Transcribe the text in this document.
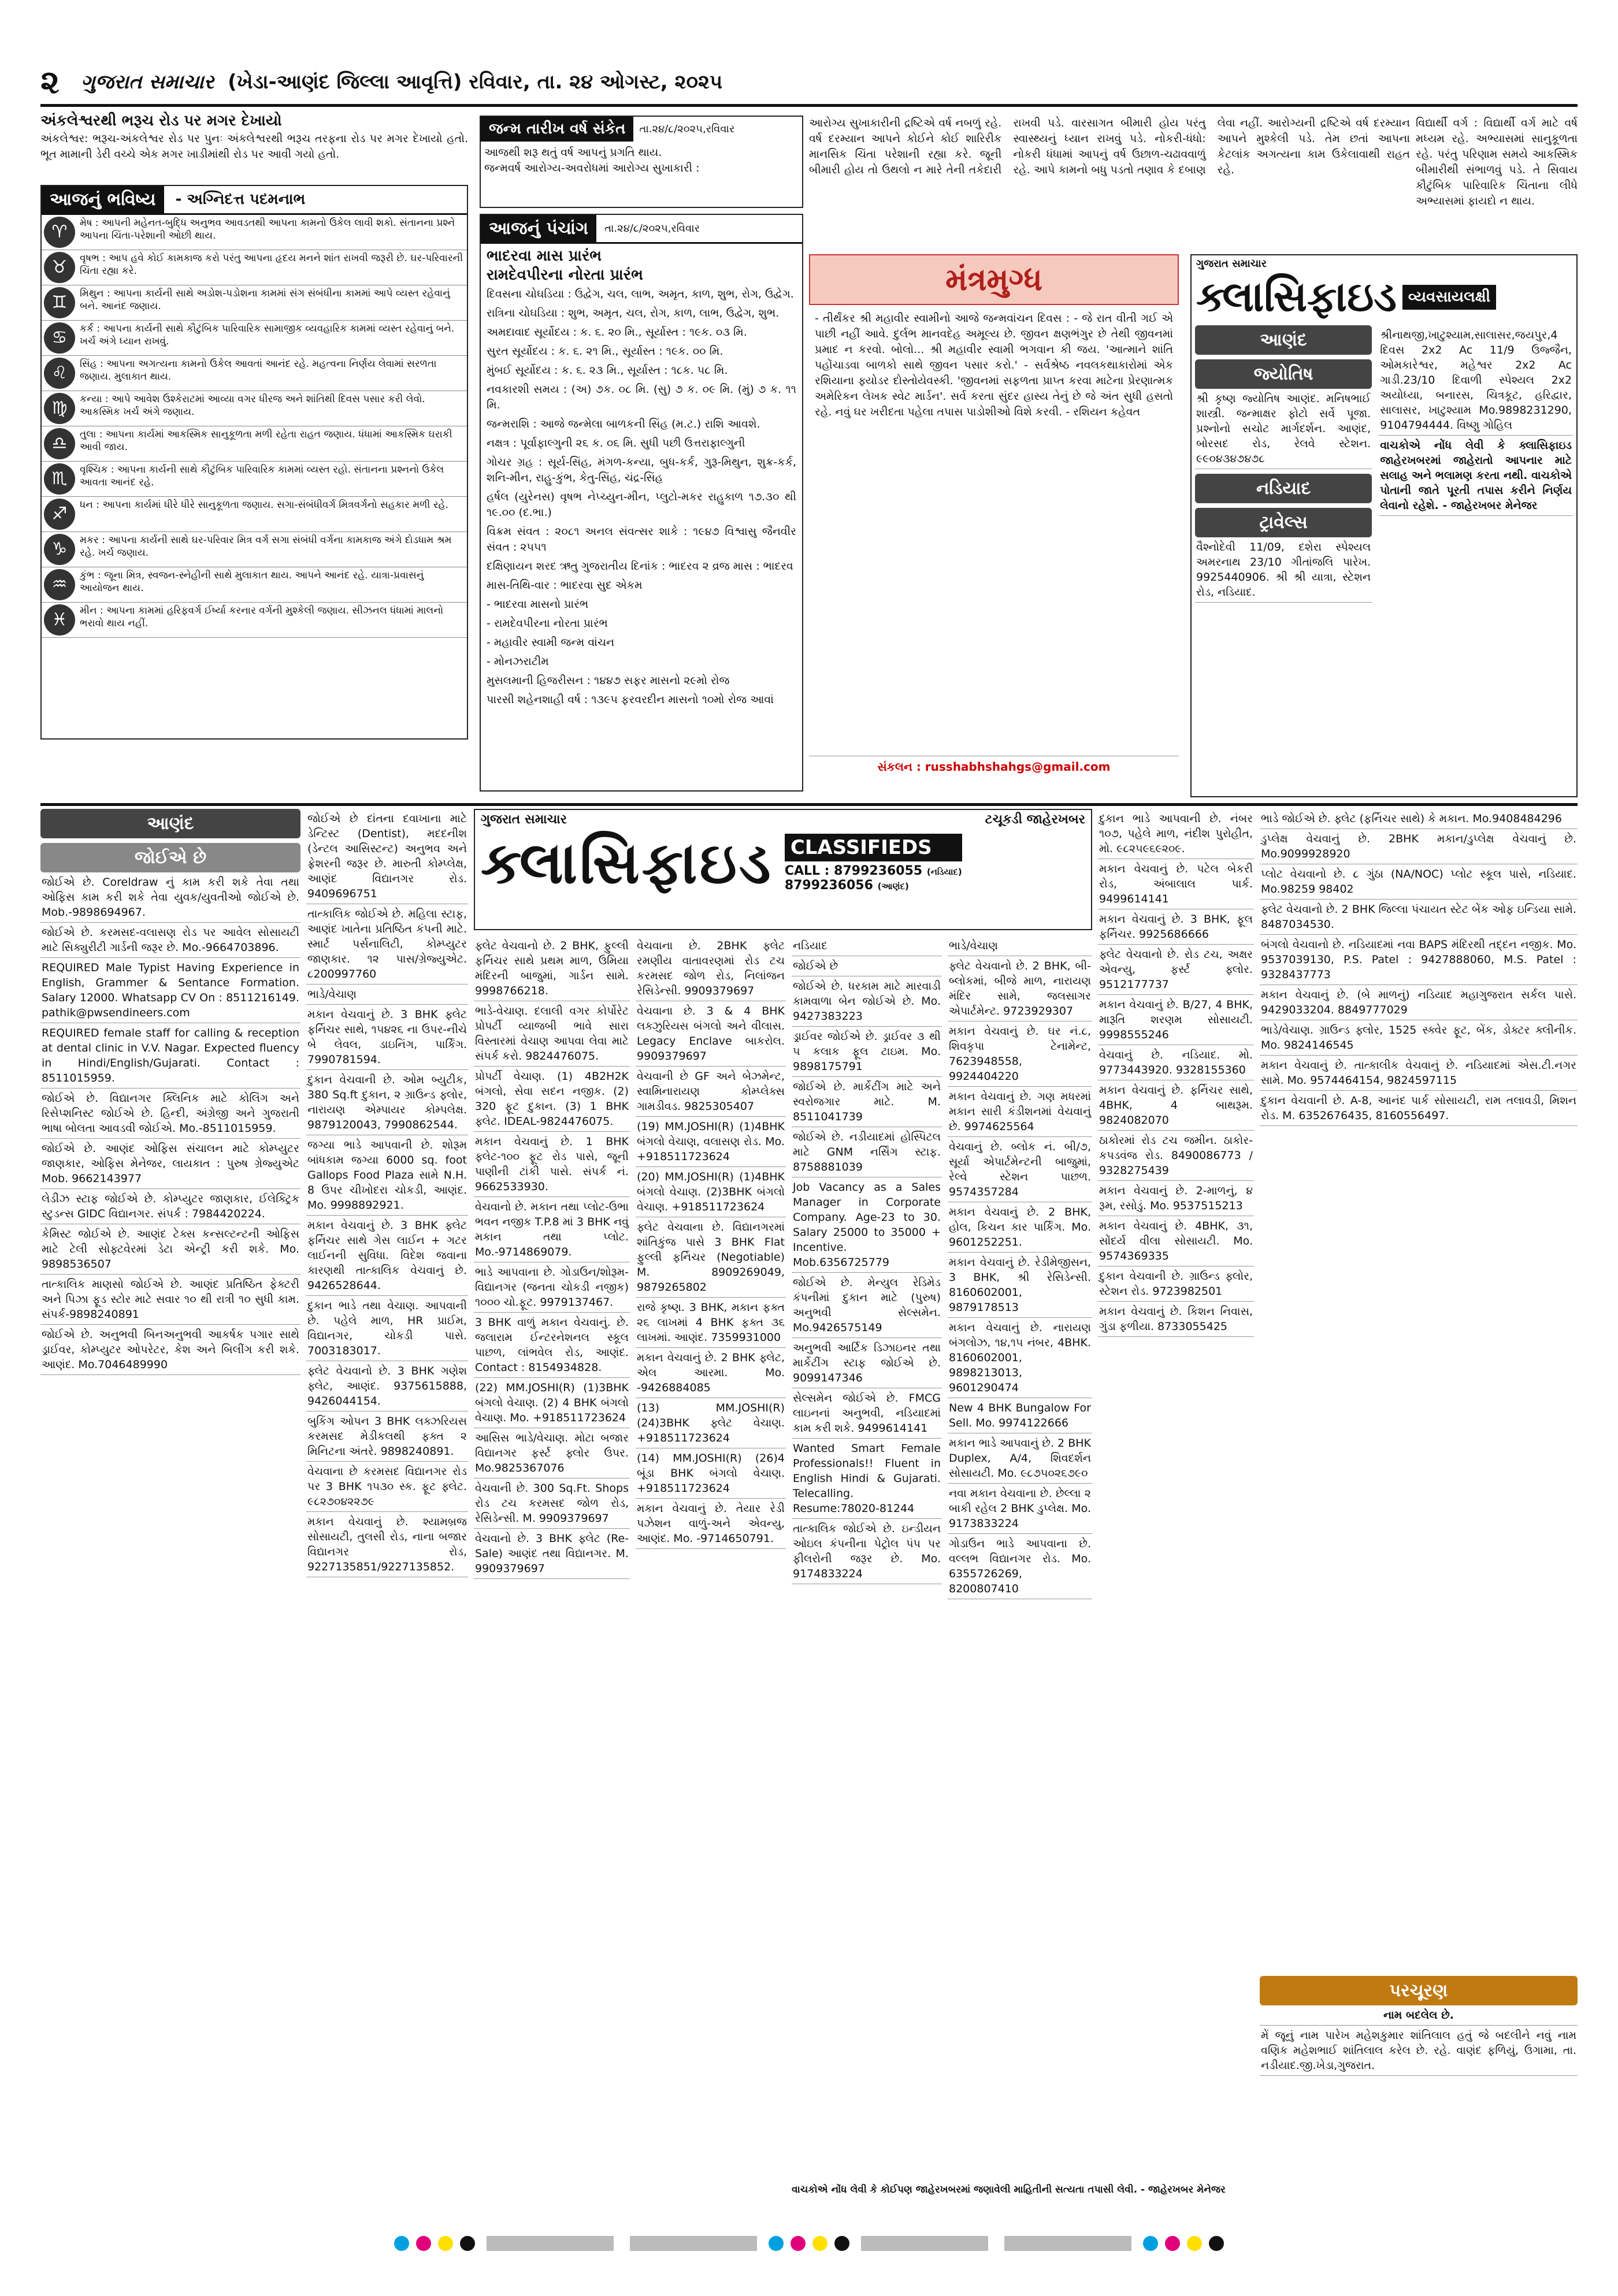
૨ ગુજરાત સમાચાર (ખેડા-આણંદ જિલ્લા આવૃત્તિ) રવિવાર, તા. ૨૪ ઓગસ્ટ, ૨૦૨૫
અંકલેશ્વરથી ભરૂચ રોડ પર મગર દેખાયો
અંકલેશ્વર: ભરૂચ-અંકલેશ્વર રોડ પર પુનઃ અંકલેશ્વરથી ભરૂચ તરફના રોડ પર મગર દેખાયો હતો. ભૂત મામાની ડેરી વચ્ચે એક મગર ખાડીમાંથી રોડ પર આવી ગયો હતો.
આજનું ભવિષ્ય	- અગ્નિદત્ત પદમનાભ
♈	મેષ : આપની મહેનત-બુદ્ધિ અનુભવ આવડતથી આપના કામનો ઉકેલ લાવી શકો. સંતાનના પ્રશ્ને આપના ચિંતા-પરેશાની ઓછી થાય.
♉	વૃષભ : આપ હવે કોઈ કામકાજ કરો પરંતુ આપના હૃદય મનને શાંત રાખવી જરૂરી છે. ઘર-પરિવારની ચિંતા રહ્યા કરે.
♊	મિથુન : આપના કાર્યની સાથે અડોશ-પડોશના કામમાં સંગ સંબંધીના કામમાં આપે વ્યસ્ત રહેવાનું બને. આનંદ જણાય.
♋	કર્ક : આપના કાર્યની સાથે કૌટુંબિક પારિવારિક સામાજીક વ્યવહારિક કામમાં વ્યસ્ત રહેવાનું બને. ખર્ચ અંગે ધ્યાન રાખવું.
♌	સિંહ : આપના અગત્યના કામનો ઉકેલ આવતાં આનંદ રહે. મહત્વના નિર્ણય લેવામાં સરળતા જણાય. મુલાકાત થાય.
♍	કન્યા : આપે આવેશ ઉશ્કેરાટમાં આવ્યા વગર ધીરજ અને શાંતિથી દિવસ પસાર કરી લેવો. આકસ્મિક ખર્ચ અંગે જણાય.
♎	તુલા : આપના કાર્યમાં આકસ્મિક સાનુકૂળતા મળી રહેતા રાહત જણાય. ધંધામાં આકસ્મિક ઘરાકી આવી જાય.
♏	વૃશ્ચિક : આપના કાર્યની સાથે કૌટુંબિક પારિવારિક કામમાં વ્યસ્ત રહો. સંતાનના પ્રશ્નનો ઉકેલ આવતા આનંદ રહે.
♐	ધન : આપના કાર્યમાં ધીરે ધીરે સાનુકૂળતા જણાય. સગા-સંબંધીવર્ગ મિત્રવર્ગનો સહકાર મળી રહે.
♑	મકર : આપના કાર્યની સાથે ઘર-પરિવાર મિત્ર વર્ગ સગા સંબંધી વર્ગના કામકાજ અંગે દોડધામ શ્રમ રહે. ખર્ચ જણાય.
♒	કુંભ : જૂના મિત્ર, સ્વજન-સ્નેહીની સાથે મુલાકાત થાય. આપને આનંદ રહે. યાત્રા-પ્રવાસનું આયોજન થાય.
♓	મીન : આપના કામમાં હરિફવર્ગ ઈર્ષ્યા કરનાર વર્ગની મુશ્કેલી જણાય. સીઝનલ ધંધામાં માલનો ભરાવો થાય નહીં.
જન્મ તારીખ વર્ષ સંકેત	તા.૨૪/૮/૨૦૨૫,રવિવાર
આજથી શરૂ થતું વર્ષ આપનું પ્રગતિ થાય.
જન્મવર્ષ આરોગ્ય-અવરોધમાં આરોગ્ય સુખાકારી :
આજનું પંચાંગ	તા.૨૪/૮/૨૦૨૫,રવિવાર

ભાદરવા માસ પ્રારંભ

રામદેવપીરના નોરતા પ્રારંભ

દિવસના ચોઘડિયા : ઉદ્વેગ, ચલ, લાભ, અમૃત, કાળ, શુભ, રોગ, ઉદ્વેગ.

રાત્રિના ચોઘડિયા : શુભ, અમૃત, ચલ, રોગ, કાળ, લાભ, ઉદ્વેગ, શુભ.

અમદાવાદ સૂર્યોદય : ક. ૬. ૨૦ મિ., સૂર્યાસ્ત : ૧૯ક. ૦૩ મિ.

સુરત સૂર્યોદય : ક. ૬. ૨૧ મિ., સૂર્યાસ્ત : ૧૯ક. ૦૦ મિ.

મુંબઈ સૂર્યોદય : ક. ૬. ૨૩ મિ., સૂર્યાસ્ત : ૧૮ક. ૫૮ મિ.

નવકારશી સમય : (અ) ૭ક. ૦૮ મિ. (સુ) ૭ ક. ૦૯ મિ. (મું) ૭ ક. ૧૧ મિ.

જન્મરાશિ : આજે જન્મેલા બાળકની સિંહ (મ.ટ.) રાશિ આવશે.

નક્ષત્ર : પૂર્વાફાલ્ગુની ૨૬ ક. ૦૬ મિ. સુધી પછી ઉત્તરાફાલ્ગુની

ગોચર ગ્રહ : સૂર્ય-સિંહ, મંગળ-કન્યા, બુધ-કર્ક, ગુરૂ-મિથુન, શુક્ર-કર્ક, શનિ-મીન, રાહુ-કુંભ, કેતુ-સિંહ, ચંદ્ર-સિંહ

હર્ષલ (યુરેનસ) વૃષભ નેપ્ચ્યુન-મીન, પ્લુટો-મકર રાહુકાળ ૧૭.૩૦ થી ૧૯.૦૦ (દ.ભા.)

વિક્રમ સંવત : ૨૦૮૧ અનલ સંવત્સર શાકે : ૧૯૪૭ વિશ્વાસુ જૈનવીર સંવત : ૨૫૫૧

દક્ષિણાયન શરદ ઋતુ ગુજરાતીય દિનાંક : ભાદરવ ૨ વ્રજ માસ : ભાદરવ

માસ-તિથિ-વાર : ભાદરવા સુદ એકમ

- ભાદરવા માસનો પ્રારંભ

- રામદેવપીરના નોરતા પ્રારંભ

- મહાવીર સ્વામી જન્મ વાંચન

- મોનઝરાટીમ

મુસલમાની હિજરીસન : ૧૪૪૭ સફર માસનો ૨૯મો રોજ

પારસી શહેનશાહી વર્ષ : ૧૩૯૫ ફરવરદીન માસનો ૧૦મો રોજ આવાં

આરોગ્ય સુખાકારીની દ્રષ્ટિએ વર્ષ નબળું રહે. વર્ષ દરમ્યાન આપને કોઈને કોઈ શારિરીક માનસિક ચિંતા પરેશાની રહ્યા કરે. જૂની બીમારી હોય તો ઉથલો ન મારે તેની તકેદારી રાખવી પડે. વારસાગત બીમારી હોય પરંતુ સ્વાસ્થ્યનું ધ્યાન રાખવું પડે. નોકરી-ધંધો: નોકરી ધંધામાં આપનું વર્ષ ઉછાળ-ચઢાવવાળું રહે. આપે કામનો બધુ પડતો તણાવ કે દબાણ લેવા નહીં. આરોગ્યની દ્રષ્ટિએ વર્ષ દરમ્યાન આપને મુશ્કેલી પડે. તેમ છતાં આપના કેટલાંક અગત્યના કામ ઉકેલાવાથી રાહત રહે.
વિદ્યાર્થી વર્ગ : વિદ્યાર્થી વર્ગ માટે વર્ષ મધ્યમ રહે. અભ્યાસમાં સાનુકૂળતા રહે. પરંતુ પરિણામ સમયે આકસ્મિક બીમારીથી સંભાળવું પડે. તે સિવાય કૌટુંબિક પારિવારિક ચિંતાના લીધે અભ્યાસમાં ફાયદો ન થાય.
મંત્રમુગ્ધ
- તીર્થંકર શ્રી મહાવીર સ્વામીનો આજે જન્મવાંચન દિવસ : - જે રાત વીતી ગઈ એ પાછી નહીં આવે. દુર્લભ માનવદેહ અમૂલ્ય છે. જીવન ક્ષણભંગુર છે તેથી જીવનમાં પ્રમાદ ન કરવો. બોલો... શ્રી મહાવીર સ્વામી ભગવાન કી જય. 'આત્માને શાંતિ પહોંચાડવા બાળકો સાથે જીવન પસાર કરો.' - સર્વશ્રેષ્ઠ નવલકથાકારોમાં એક રશિયાના ફ્યોડર દોસ્તોયેવસ્કી. 'જીવનમાં સફળતા પ્રાપ્ત કરવા માટેના પ્રેરણાત્મક અમેરિકન લેખક સ્વેટ માર્ડન'. સર્વ કરતા સુંદર હાસ્ય તેનું છે જે અંત સુધી હસતો રહે. નવું ઘર ખરીદતા પહેલા તપાસ પાડોશીઓ વિશે કરવી. - રશિયન કહેવત
સંકલન : russhabhshahgs@gmail.com
ગુજરાત સમાચાર
ક્લાસિફાઇડ વ્યવસાયલક્ષી
આણંદ
જ્યોતિષ
શ્રી કૃષ્ણ જ્યોતિષ આણંદ. મનિષભાઈ શાસ્ત્રી. જન્માક્ષર ફોટો સર્વે પૂજા. પ્રશ્નોનો સચોટ માર્ગદર્શન. આણંદ, બોરસદ રોડ, રેલવે સ્ટેશન. ૯૯૦૪૩૪૭૪૭૮
નડિયાદ
ટ્રાવેલ્સ
વૈશ્નોદેવી 11/09, દશેરા સ્પેશ્યલ અમરનાથ 23/10 ગીતાંજલિ પારેખ. 9925440906. શ્રી શ્રી યાત્રા, સ્ટેશન રોડ, નડિયાદ.
શ્રીનાથજી,ખાટુશ્યામ,સાલાસર,જયપુર,4 દિવસ 2x2 Ac 11/9 ઉજ્જૈન, ઓમકારેશ્વર, મહેશ્વર 2x2 Ac ગાડી.23/10 દિવાળી સ્પેશ્યલ 2x2 અયોધ્યા, બનારસ, ચિત્રકૂટ, હરિદ્વાર, સાલાસર, ખાટુશ્યામ Mo.9898231290, 9104794444. વિષ્ણુ ગોહિલ
વાચકોએ નોંધ લેવી કે ક્લાસિફાઇડ જાહેરખબરમાં જાહેરાતો આપનાર માટે સલાહ અને ભલામણ કરતા નથી. વાચકોએ પોતાની જાતે પૂરતી તપાસ કરીને નિર્ણય લેવાનો રહેશે. - જાહેરખબર મેનેજર
આણંદ
જોઈએ છે
જોઈએ છે. Coreldraw નું કામ કરી શકે તેવા તથા ઓફિસ કામ કરી શકે તેવા યુવક/યુવતીઓ જોઈએ છે. Mob.-9898694967.
જોઈએ છે. કરમસદ-વલાસણ રોડ પર આવેલ સોસાયટી માટે સિક્યુરીટી ગાર્ડની જરૂર છે. Mo.-9664703896.
REQUIRED Male Typist Having Experience in English, Grammer & Sentance Formation. Salary 12000. Whatsapp CV On : 8511216149. pathik@pwsendineers.com
REQUIRED female staff for calling & reception at dental clinic in V.V. Nagar. Expected fluency in Hindi/English/Gujarati. Contact : 8511015959.
જોઈએ છે. વિદ્યાનગર ક્લિનિક માટે કોલિંગ અને રિસેપ્શનિસ્ટ જોઈએ છે. હિન્દી, અંગ્રેજી અને ગુજરાતી ભાષા બોલતા આવડવી જોઈએ. Mo.-8511015959.
જોઈએ છે. આણંદ ઓફિસ સંચાલન માટે કોમ્પ્યુટર જાણકાર, ઓફિસ મેનેજર, લાયકાત : પુરુષ ગ્રેજ્યુએટ Mob. 9662143977
લેડીઝ સ્ટાફ જોઈએ છે. કોમ્પ્યુટર જાણકાર, ઈલેક્ટ્રિક સ્ટુડન્સ GIDC વિદ્યાનગર. સંપર્ક : 7984420224.
કેમિસ્ટ જોઈએ છે. આણંદ ટેક્સ કન્સલ્ટન્ટની ઓફિસ માટે ટેલી સોફ્ટવેરમાં ડેટા એન્ટ્રી કરી શકે. Mo. 9898536507
તાત્કાલિક માણસો જોઈએ છે. આણંદ પ્રતિષ્ઠિત ફેક્ટરી અને પિઝા ફૂડ સ્ટોર માટે સવાર ૧૦ થી રાત્રી ૧૦ સુધી કામ. સંપર્ક-9898240891
જોઈએ છે. અનુભવી બિનઅનુભવી આકર્ષક પગાર સાથે ડ્રાઈવર, કોમ્પ્યુટર ઓપરેટર, કેશ અને બિલીંગ કરી શકે. આણંદ. Mo.7046489990
ગુજરાત સમાચાર	ટચૂકડી જાહેરખબર
ક્લાસિફાઇડ CLASSIFIEDS
CALL : 8799236055 (નડિયાદ)
8799236056 (આણંદ)
જોઈએ છે દાંતના દવાખાના માટે ડેન્ટિસ્ટ (Dentist), મદદનીશ (ડેન્ટલ આસિસ્ટન્ટ) અનુભવ અને ફ્રેશરની જરૂર છે. મારુતી કોમ્પ્લેક્ષ, આણંદ વિદ્યાનગર રોડ. 9409696751
તાત્કાલિક જોઈએ છે. મહિલા સ્ટાફ, આણંદ ખાતેના પ્રતિષ્ઠિત કંપની માટે. સ્માર્ટ પર્સનાલિટી, કોમ્પ્યુટર જાણકાર. ૧૨ પાસ/ગ્રેજ્યુએટ. ૮200997760
ભાડે/વેચાણ
મકાન વેચવાનું છે. 3 BHK ફ્લેટ ફર્નિચર સાથે, ૧૫૪૨૬ ના ઉપર-નીચે બે લેવલ, ડાઇનિંગ, પાર્કિંગ. 7990781594.
દુકાન વેચવાની છે. ઓમ બ્યુટીક, 380 Sq.ft દુકાન, ૨ ગ્રાઉન્ડ ફ્લોર, નારાયણ એમ્પાયર કોમ્પલેક્ષ. 9879120043, 7990862544.
જગ્યા ભાડે આપવાની છે. શોરૂમ બાંધકામ જગ્યા 6000 sq. foot Gallops Food Plaza સામે N.H. 8 ઉપર ચીખોદરા ચોકડી, આણંદ. Mo. 9998892921.
મકાન વેચવાનું છે. 3 BHK ફ્લેટ ફર્નિચર સાથે ગેસ લાઈન + ગટર લાઈનની સુવિધા. વિદેશ જવાના કારણથી તાત્કાલિક વેચવાનું છે. 9426528644.
દુકાન ભાડે તથા વેચાણ. આપવાની છે. પહેલે માળ, HR પ્રાઈમ, વિદ્યાનગર, ચોકડી પાસે. 7003183017.
ફ્લેટ વેચવાનો છે. 3 BHK ગણેશ ફ્લેટ, આણંદ. 9375615888, 9426044154.
બુકિંગ ઓપન 3 BHK લક્ઝરિયસ કરમસદ મેડીકલથી ફક્ત ૨ મિનિટના અંતરે. 9898240891.
વેચવાના છે કરમસદ વિદ્યાનગર રોડ પર 3 BHK ૧૫૩૦ સ્ક. ફૂટ ફ્લેટ. ૯૮૨૭૦૪૨૨૭૯
મકાન વેચવાનું છે. શ્યામબ્રજ સોસાયટી, તુલસી રોડ, નાના બજાર વિદ્યાનગર રોડ, 9227135851/9227135852.
ફ્લેટ વેચવાનો છે. 2 BHK, ફુલ્લી ફર્નિચર સાથે પ્રથમ માળ, ઉમિયા મંદિરની બાજુમાં, ગાર્ડન સામે. 9998766218.
ભાડે-વેચાણ. દલાલી વગર કોર્પોરેટ પ્રોપર્ટી વ્યાજબી ભાવે સારા વિસ્તારમાં વેચાણ આપવા લેવા માટે સંપર્ક કરો. 9824476075.
પ્રોપર્ટી વેચાણ. (1) 4B2H2K બંગલો, સેવા સદન નજીક. (2) 320 ફૂટ દુકાન. (3) 1 BHK ફ્લેટ. IDEAL-9824476075.
મકાન વેચવાનું છે. 1 BHK ફ્લેટ-૧૦૦ ફૂટ રોડ પાસે, જૂની પાણીની ટાંકી પાસે. સંપર્ક નં. 9662533930.
વેચવાનો છે. મકાન તથા પ્લોટ-ઉભા ભવન નજીક T.P.8 માં 3 BHK નવું મકાન તથા પ્લોટ. Mo.-9714869079.
ભાડે આપવાના છે. ગોડાઉન/શોરૂમ-વિદ્યાનગર (જનતા ચોકડી નજીક) ૧૦૦૦ ચો.ફૂટ. 9979137467.
3 BHK વાળું મકાન વેચવાનું. છે. જલારામ ઈન્ટરનેશનલ સ્કૂલ પાછળ, લાંભવેલ રોડ, આણંદ. Contact : 8154934828.
(22) MM.JOSHI(R) (1)3BHK બંગલો વેચાણ. (2) 4 BHK બંગલો વેચાણ. Mo. +918511723624
આસિસ ભાડે/વેચાણ. મોટા બજાર વિદ્યાનગર ફર્સ્ટ ફ્લોર ઉપર. Mo.9825367076
વેચવાની છે. 300 Sq.Ft. Shops રોડ ટચ કરમસદ જોળ રોડ, રેસિડેન્સી. M. 9909379697
વેચવાનો છે. 3 BHK ફ્લેટ (Re-Sale) આણંદ તથા વિદ્યાનગર. M. 9909379697
વેચવાના છે. 2BHK ફ્લેટ રમણીય વાતાવરણમાં રોડ ટચ કરમસદ જોળ રોડ, નિલાંજન રેસિડેન્સી. 9909379697
વેચવાના છે. 3 & 4 BHK લક્ઝુરિયસ બંગલો અને વીલાસ. Legacy Enclave બાકરોલ. 9909379697
વેચવાની છે GF અને બેઝમેન્ટ, સ્વામિનારાયણ કોમ્પ્લેક્સ ગામડીવડ. 9825305407
(19) MM.JOSHI(R) (1)4BHK બંગલો વેચાણ, વલાસણ રોડ. Mo. +918511723624
(20) MM.JOSHI(R) (1)4BHK બંગલો વેચાણ. (2)3BHK બંગલો વેચાણ. +918511723624
ફ્લેટ વેચવાના છે. વિદ્યાનગરમાં શાંતિકુંજ પાસે 3 BHK Flat ફુલ્લી ફર્નિચર (Negotiable) M. 8909269049, 9879265802
રાજે કૃષ્ણ. 3 BHK, મકાન ફક્ત ૨૬ લાખમાં 4 BHK ફક્ત ૩૬ લાખમાં. આણંદ. 7359931000
મકાન વેચવાનું છે. 2 BHK ફ્લેટ, એલ આરમા. Mo. -9426884085
(13) MM.JOSHI(R) (24)3BHK ફ્લેટ વેચાણ. +918511723624
(14) MM.JOSHI(R) (26)4 બૂંડા BHK બંગલો વેચાણ. +918511723624
મકાન વેચવાનું છે. તેયાર રેડી પઝેશન વાળું-અને એવન્યુ, આણંદ. Mo. -9714650791.
નડિયાદ
જોઈએ છે
જોઈએ છે. ધરકામ માટે મારવાડી કામવાળા બેન જોઈએ છે. Mo. 9427383223
ડ્રાઈવર જોઈએ છે. ડ્રાઈવર ૩ થી ૫ કલાક ફૂલ ટાઇમ. Mo. 9898175791
જોઈએ છે. માર્કેટીંગ માટે અને સ્વરોજગાર માટે. M. 8511041739
જોઈએ છે. નડીયાદમાં હોસ્પિટલ માટે GNM નર્સિંગ સ્ટાફ. 8758881039
Job Vacancy as a Sales Manager in Corporate Company. Age-23 to 30. Salary 25000 to 35000 + Incentive. Mob.6356725779
જોઈએ છે. મેન્યુલ રેડિમેડ કંપનીમાં દુકાન માટે (પુરુષ) અનુભવી સેલ્સમેન. Mo.9426575149
અનુભવી આર્ટિક ડિઝાઇનર તથા માર્કેટીંગ સ્ટાફ જોઈએ છે. 9099147346
સેલ્સમેન જોઈએ છે. FMCG લાઇનનાં અનુભવી, નડિયાદમાં કામ કરી શકે. 9499614141
Wanted Smart Female Professionals!! Fluent in English Hindi & Gujarati. Telecalling. Resume:78020-81244
તાત્કાલિક જોઈએ છે. ઇન્ડીયન ઓઇલ કંપનીના પેટ્રોલ પંપ પર ફીલરોની જરૂર છે. Mo. 9174833224
ભાડે/વેચાણ
ફ્લેટ વેચવાનો છે. 2 BHK, બી-બ્લોકમાં, બીજે માળ, નારાયણ મંદિર સામે, જલસાગર એપાર્ટમેન્ટ. 9723929307
મકાન વેચવાનું છે. ઘર નં.૮, શિવકૃપા ટેનામેન્ટ, 7623948558, 9924404220
મકાન વેચવાનું છે. ગણ મધરમાં મકાન સારી કંડીશનમાં વેચવાનું છે. 9974625564
વેચવાનું છે. બ્લોક નં. બી/૭, સૂર્યા એપાર્ટમેન્ટની બાજુમાં, રેલ્વે સ્ટેશન પાછળ. 9574357284
મકાન વેચવાનું છે. 2 BHK, હોલ, કિચન કાર પાર્કિંગ. Mo. 9601252251.
મકાન વેચવાનું છે. રેડીમેજીસન, 3 BHK, શ્રી રેસિડેન્સી. 8160602001, 9879178513
મકાન વેચવાનું છે. નારાયણ બંગલોઝ, ૧૪,૧૫ નંબર, 4BHK. 8160602001, 9898213013, 9601290474
New 4 BHK Bungalow For Sell. Mo. 9974122666
મકાન ભાડે આપવાનું છે. 2 BHK Duplex, A/4, શિવદર્શન સોસાયટી. Mo. ૯૮૭૫૦૨૬૭૯૦
નવા મકાન વેચવાના છે. છેલ્લા ૨ બાકી રહેલ 2 BHK ડુપ્લેક્ષ. Mo. 9173833224
ગોડાઉન ભાડે આપવાના છે. વલ્લભ વિદ્યાનગર રોડ. Mo. 6355726269, 8200807410
દુકાન ભાડે આપવાની છે. નંબર ૧૦૭, પહેલે માળ, નંદીશ પુરોહીત, મો. ૯૮૨૫૯૬૯૨૦૯.
મકાન વેચવાનું છે. પટેલ બેકરી રોડ, અંબાલાલ પાર્ક. 9499614141
મકાન વેચવાનું છે. 3 BHK, ફૂલ ફર્નિચર. 9925686666
ફ્લેટ વેચવાનો છે. રોડ ટચ, અક્ષર એવન્યુ, ફર્સ્ટ ફ્લોર. 9512177737
મકાન વેચવાનું છે. B/27, 4 BHK, મારૂતિ શરણમ સોસાયટી. 9998555246
વેચવાનું છે. નડિયાદ. મો. 9773443920. 9328155360
મકાન વેચવાનું છે. ફર્નિચર સાથે, 4BHK, 4 બાથરૂમ. 9824082070
ઠાકોરમાં રોડ ટચ જમીન. ઠાકોર-કપડવંજ રોડ. 8490086773 / 9328275439
મકાન વેચવાનું છે. 2-માળનું, ૪ રૂમ, રસોડું. Mo. 9537515213
મકાન વેચવાનું છે. 4BHK, ૩૧, સોંદર્ય વીલા સોસાયટી. Mo. 9574369335
દુકાન વેચવાની છે. ગ્રાઉન્ડ ફ્લોર, સ્ટેશન રોડ. 9723982501
મકાન વેચવાનું છે. કિશન નિવાસ, ગુંડા ફળીયા. 8733055425
ભાડે જોઈએ છે. ફ્લેટ (ફર્નિચર સાથે) કે મકાન. Mo.9408484296
ડુપ્લેક્ષ વેચવાનું છે. 2BHK મકાન/ડુપ્લેક્ષ વેચવાનું છે. Mo.9099928920
પ્લોટ વેચવાનો છે. ૮ ગુંઠા (NA/NOC) પ્લોટ સ્કૂલ પાસે, નડિયાદ. Mo.98259 98402
ફ્લેટ વેચવાનો છે. 2 BHK જિલ્લા પંચાયત સ્ટેટ બેંક ઓફ ઇન્ડિયા સામે. 8487034530.
બંગલો વેચવાનો છે. નડિયાદમાં નવા BAPS મંદિરથી તદ્દન નજીક. Mo. 9537039130, P.S. Patel : 9427888060, M.S. Patel : 9328437773
મકાન વેચવાનું છે. (બે માળનું) નડિયાદ મહાગુજરાત સર્કલ પાસે. 9429033204. 8849777029
ભાડે/વેચાણ. ગ્રાઉન્ડ ફ્લોર, 1525 સ્ક્વેર ફૂટ, બેંક, ડોક્ટર ક્લીનીક. Mo. 9824146545
મકાન વેચવાનું છે. તાત્કાલીક વેચવાનું છે. નડિયાદમાં એસ.ટી.નગર સામે. Mo. 9574464154, 9824597115
દુકાન વેચવાની છે. A-8, આનંદ પાર્ક સોસાયટી, રામ તલાવડી, મિશન રોડ. M. 6352676435, 8160556497.
પરચૂરણ
નામ બદલેલ છે.
મેં જૂનું નામ પારેખ મહેશકુમાર શાંતિલાલ હતું જે બદલીને નવું નામ વણિક મહેશભાઈ શાંતિલાલ કરેલ છે. રહે. વાણંદ ફળિયું, ઉગામા, તા. નડીયાદ.જી.ખેડા,ગુજરાત.
વાચકોએ નોંધ લેવી કે કોઈપણ જાહેરખબરમાં જણાવેલી માહિતીની સત્યતા તપાસી લેવી. - જાહેરખબર મેનેજર
